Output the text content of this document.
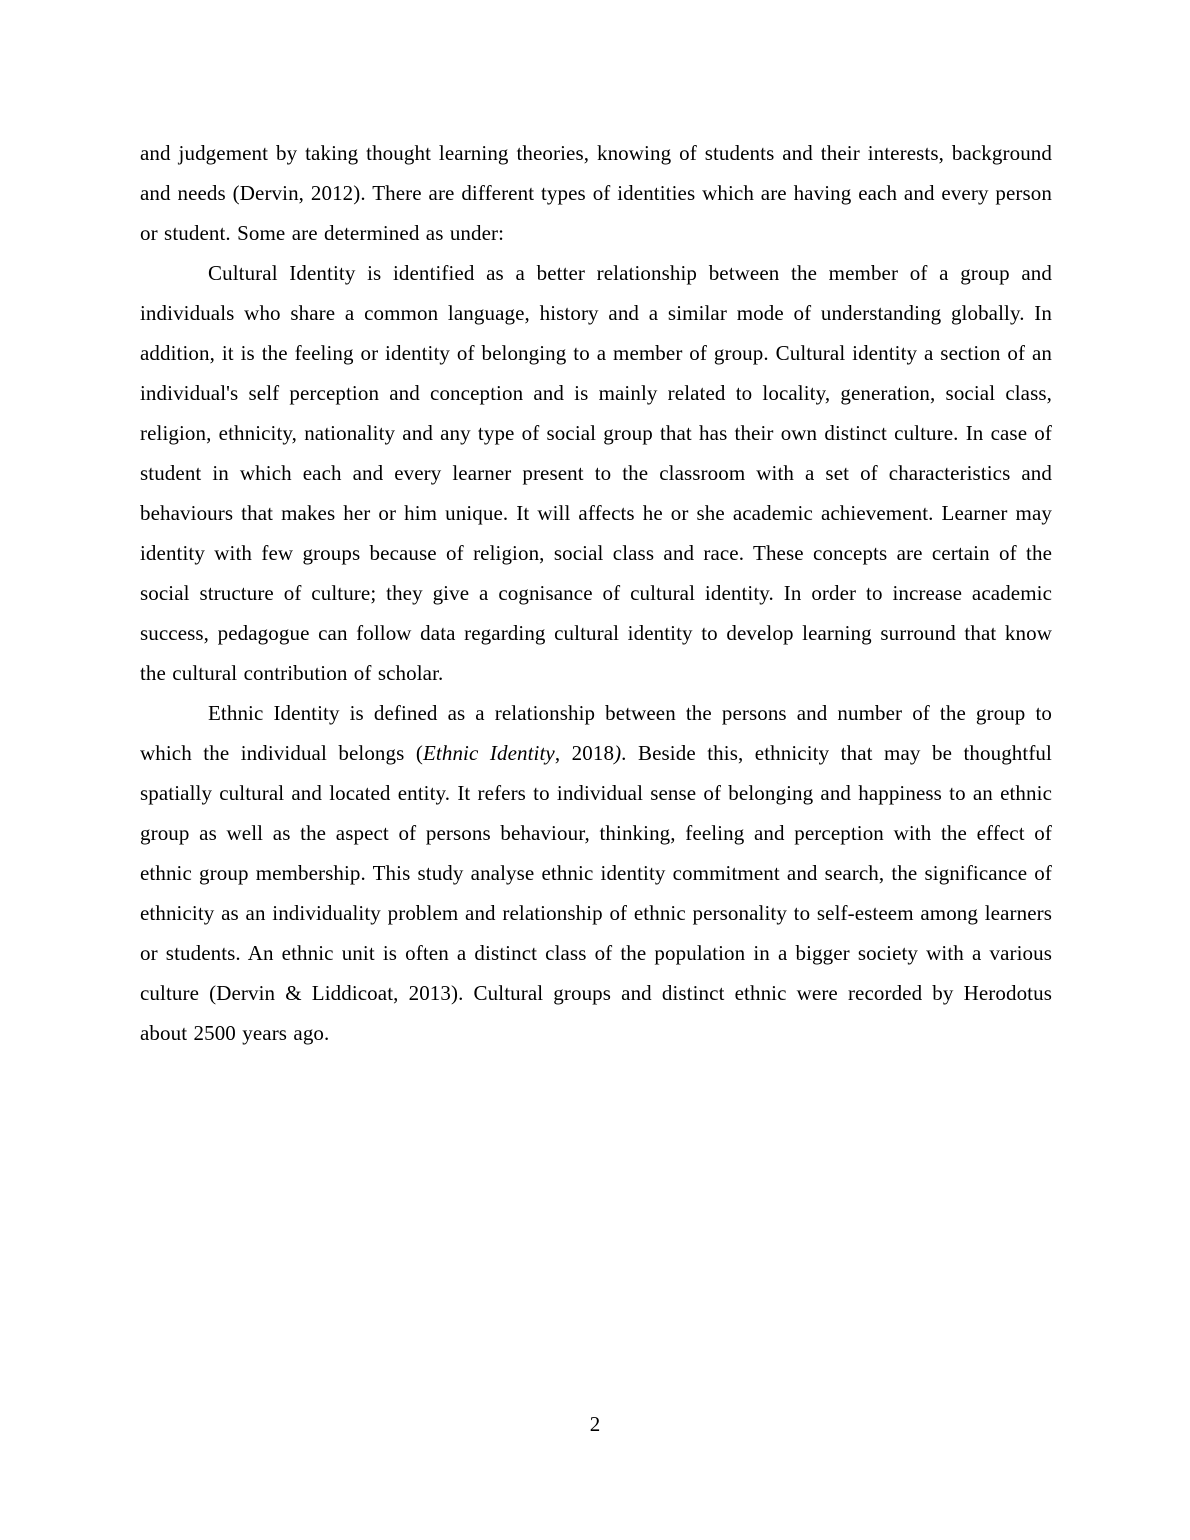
and judgement by taking thought learning theories, knowing of students and their interests, background and needs (Dervin, 2012). There are different types of identities which are having each and every person or student. Some are determined as under:

Cultural Identity is identified as a better relationship between the member of a group and individuals who share a common language, history and a similar mode of understanding globally. In addition, it is the feeling or identity of belonging to a member of group. Cultural identity a section of an individual's self perception and conception and is mainly related to locality, generation, social class, religion, ethnicity, nationality and any type of social group that has their own distinct culture. In case of student in which each and every learner present to the classroom with a set of characteristics and behaviours that makes her or him unique. It will affects he or she academic achievement. Learner may identity with few groups because of religion, social class and race. These concepts are certain of the social structure of culture; they give a cognisance of cultural identity. In order to increase academic success, pedagogue can follow data regarding cultural identity to develop learning surround that know the cultural contribution of scholar.

Ethnic Identity is defined as a relationship between the persons and number of the group to which the individual belongs (Ethnic Identity, 2018). Beside this, ethnicity that may be thoughtful spatially cultural and located entity. It refers to individual sense of belonging and happiness to an ethnic group as well as the aspect of persons behaviour, thinking, feeling and perception with the effect of ethnic group membership. This study analyse ethnic identity commitment and search, the significance of ethnicity as an individuality problem and relationship of ethnic personality to self-esteem among learners or students. An ethnic unit is often a distinct class of the population in a bigger society with a various culture (Dervin & Liddicoat, 2013). Cultural groups and distinct ethnic were recorded by Herodotus about 2500 years ago.

2
